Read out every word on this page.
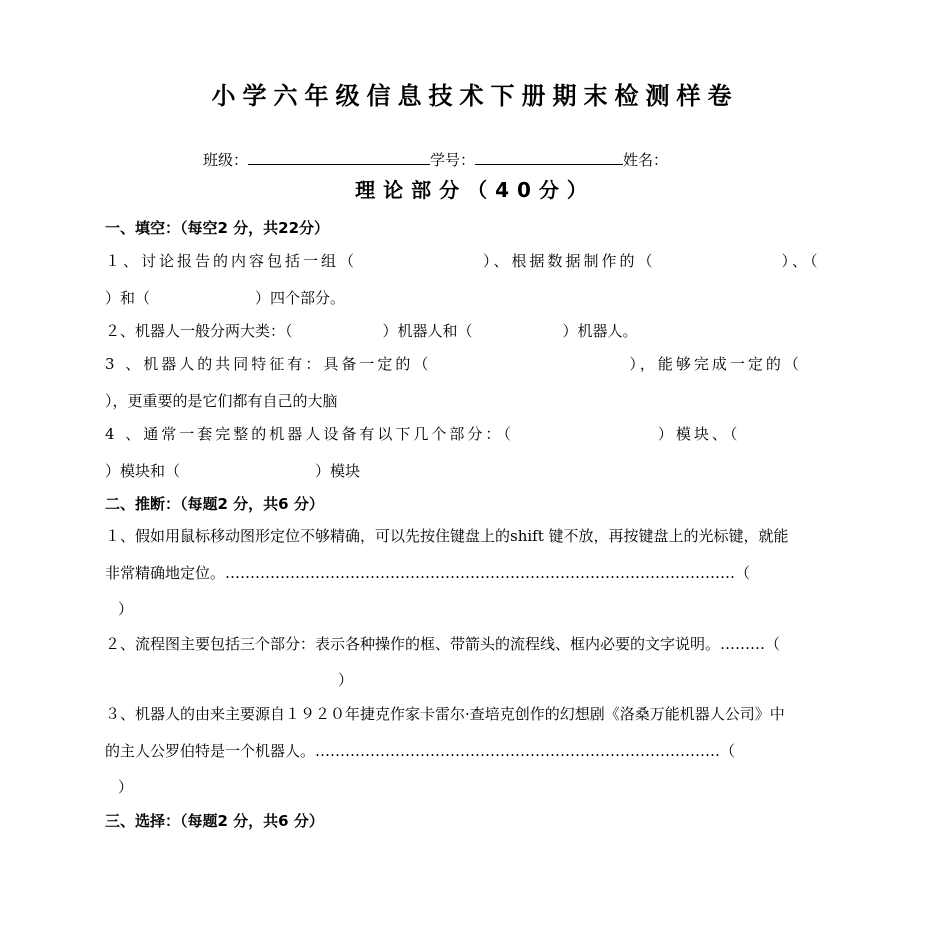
小学六年级信息技术下册期末检测样卷
班级：	学号：	姓名：
理论部分（40分）
一、填空：（每空2 分，共22分）
１、讨论报告的内容包括一组（　　　　　　　）、根据数据制作的（　　　　　　　）、（
）和（　　　　　　　）四个部分。
２、机器人一般分两大类：（　　　　　　）机器人和（　　　　　　）机器人。
3 、机器人的共同特征有：具备一定的（　　　　　　　　　　　），能够完成一定的（
），更重要的是它们都有自己的大脑
4 、通常一套完整的机器人设备有以下几个部分：（　　　　　　　　）模块、（
）模块和（　　　　　　　　　）模块
二、推断：（每题2 分，共6 分）
１、假如用鼠标移动图形定位不够精确，可以先按住键盘上的shift 键不放，再按键盘上的光标键，就能
非常精确地定位。…………………………………………………………………………………………（
）
２、流程图主要包括三个部分：表示各种操作的框、带箭头的流程线、框内必要的文字说明。………（
）
３、机器人的由来主要源自１９２０年捷克作家卡雷尔·查培克创作的幻想剧《洛桑万能机器人公司》中
的主人公罗伯特是一个机器人。………………………………………………………………………（
）
三、选择：（每题2 分，共6 分）
